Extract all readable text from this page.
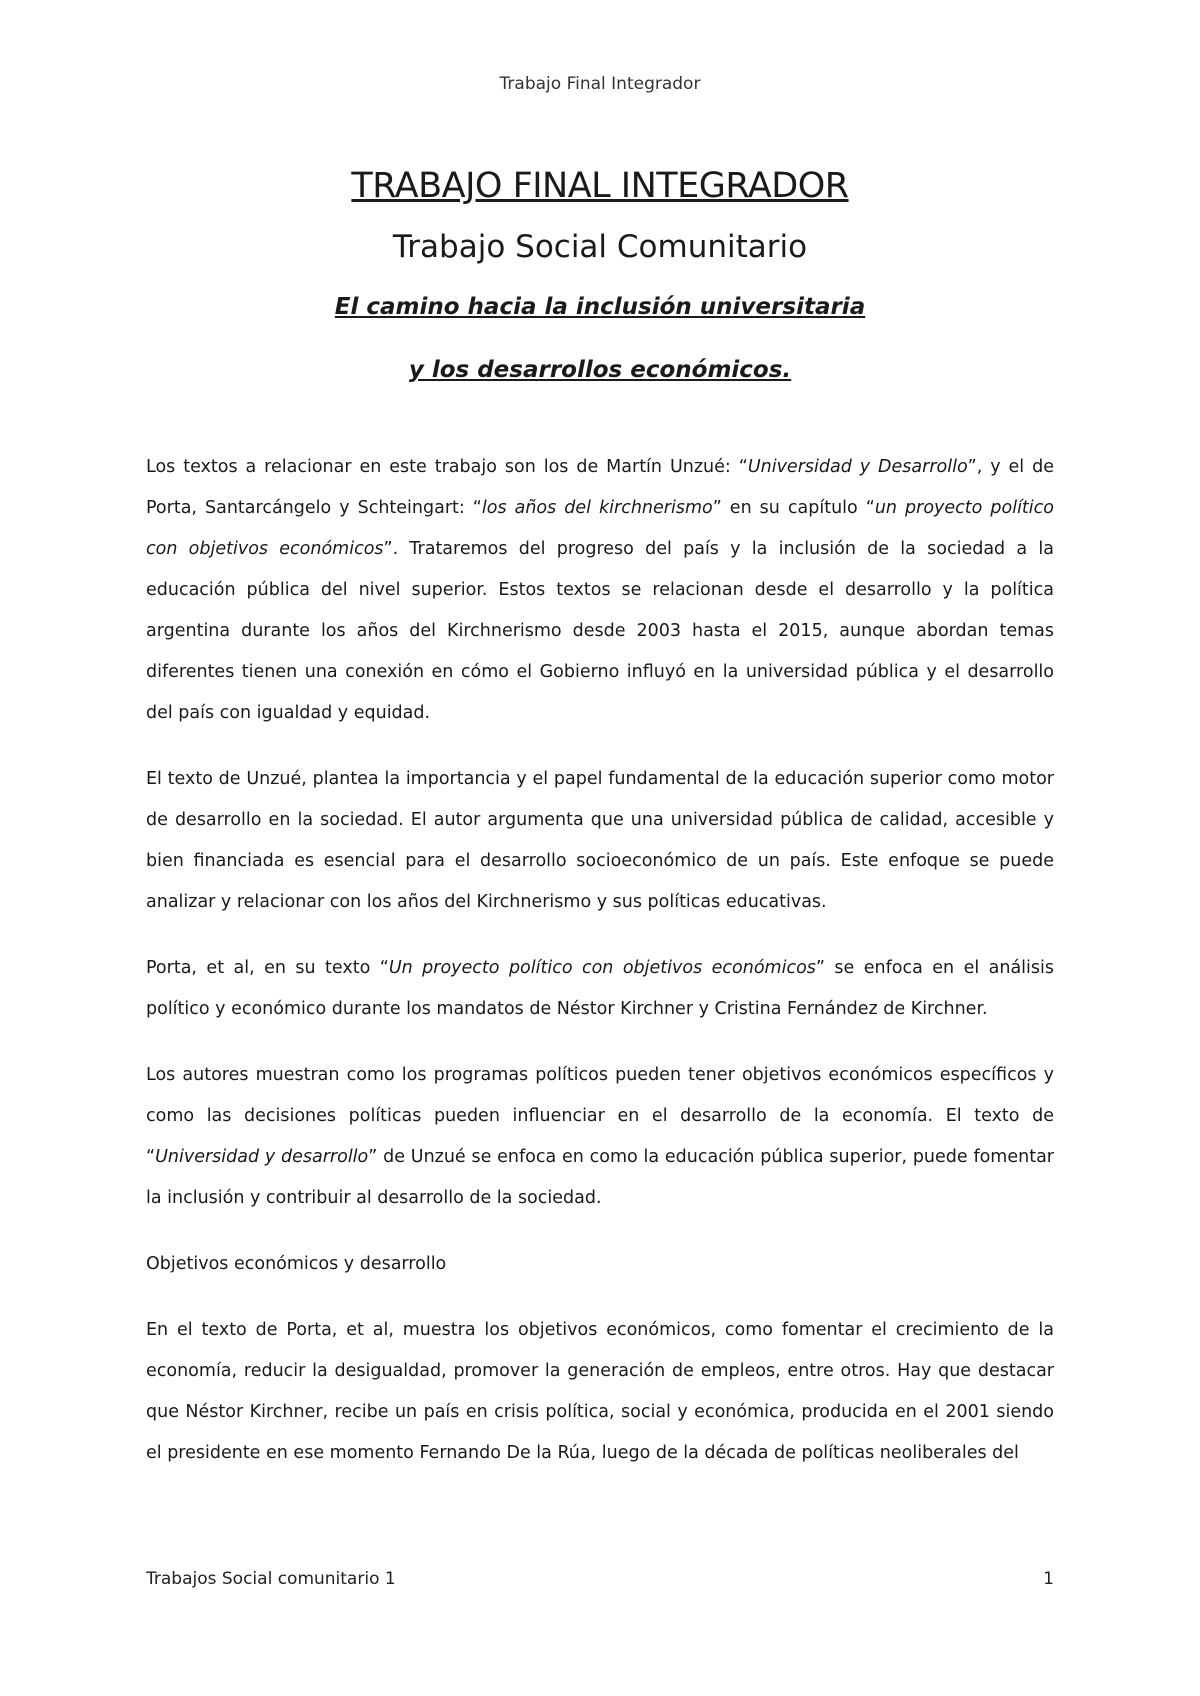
Trabajo Final Integrador
TRABAJO FINAL INTEGRADOR
Trabajo Social Comunitario
El camino hacia la inclusión universitaria
y los desarrollos económicos.

Los textos a relacionar en este trabajo son los de Martín Unzué: “Universidad y Desarrollo”, y el de Porta, Santarcángelo y Schteingart: “los años del kirchnerismo” en su capítulo “un proyecto político con objetivos económicos”. Trataremos del progreso del país y la inclusión de la sociedad a la educación pública del nivel superior. Estos textos se relacionan desde el desarrollo y la política argentina durante los años del Kirchnerismo desde 2003 hasta el 2015, aunque abordan temas diferentes tienen una conexión en cómo el Gobierno influyó en la universidad pública y el desarrollo del país con igualdad y equidad.

El texto de Unzué, plantea la importancia y el papel fundamental de la educación superior como motor de desarrollo en la sociedad. El autor argumenta que una universidad pública de calidad, accesible y bien financiada es esencial para el desarrollo socioeconómico de un país. Este enfoque se puede analizar y relacionar con los años del Kirchnerismo y sus políticas educativas.

Porta, et al, en su texto “Un proyecto político con objetivos económicos” se enfoca en el análisis político y económico durante los mandatos de Néstor Kirchner y Cristina Fernández de Kirchner.

Los autores muestran como los programas políticos pueden tener objetivos económicos específicos y como las decisiones políticas pueden influenciar en el desarrollo de la economía. El texto de “Universidad y desarrollo” de Unzué se enfoca en como la educación pública superior, puede fomentar la inclusión y contribuir al desarrollo de la sociedad.

Objetivos económicos y desarrollo

En el texto de Porta, et al, muestra los objetivos económicos, como fomentar el crecimiento de la economía, reducir la desigualdad, promover la generación de empleos, entre otros. Hay que destacar que Néstor Kirchner, recibe un país en crisis política, social y económica, producida en el 2001 siendo el presidente en ese momento Fernando De la Rúa, luego de la década de políticas neoliberales del

Trabajos Social comunitario 1	1
